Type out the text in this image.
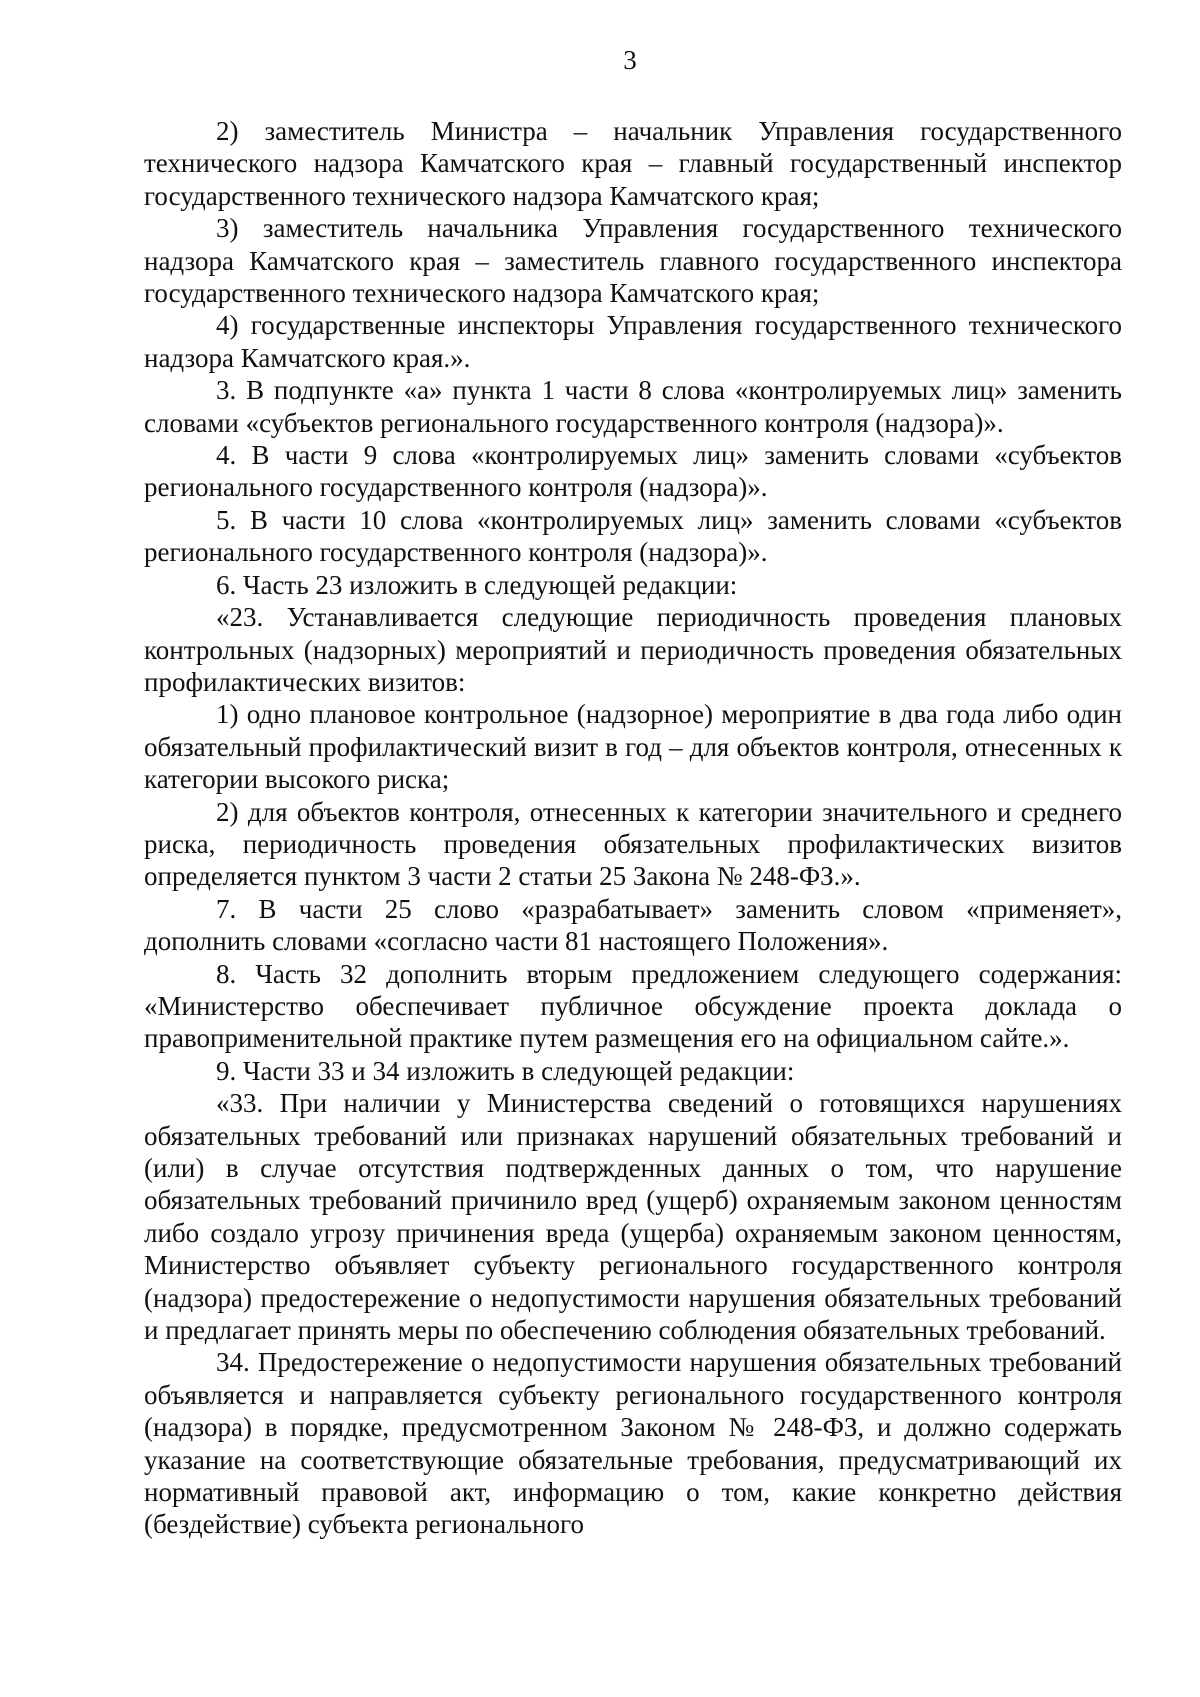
3

2) заместитель Министра – начальник Управления государственного технического надзора Камчатского края – главный государственный инспектор государственного технического надзора Камчатского края;

3) заместитель начальника Управления государственного технического надзора Камчатского края – заместитель главного государственного инспектора государственного технического надзора Камчатского края;

4) государственные инспекторы Управления государственного технического надзора Камчатского края.».

3. В подпункте «а» пункта 1 части 8 слова «контролируемых лиц» заменить словами «субъектов регионального государственного контроля (надзора)».

4. В части 9 слова «контролируемых лиц» заменить словами «субъектов регионального государственного контроля (надзора)».

5. В части 10 слова «контролируемых лиц» заменить словами «субъектов регионального государственного контроля (надзора)».

6. Часть 23 изложить в следующей редакции:

«23. Устанавливается следующие периодичность проведения плановых контрольных (надзорных) мероприятий и периодичность проведения обязательных профилактических визитов:

1) одно плановое контрольное (надзорное) мероприятие в два года либо один обязательный профилактический визит в год – для объектов контроля, отнесенных к категории высокого риска;

2) для объектов контроля, отнесенных к категории значительного и среднего риска, периодичность проведения обязательных профилактических визитов определяется пунктом 3 части 2 статьи 25 Закона № 248-ФЗ.».

7. В части 25 слово «разрабатывает» заменить словом «применяет», дополнить словами «согласно части 81 настоящего Положения».

8. Часть 32 дополнить вторым предложением следующего содержания: «Министерство обеспечивает публичное обсуждение проекта доклада о правоприменительной практике путем размещения его на официальном сайте.».

9. Части 33 и 34 изложить в следующей редакции:

«33. При наличии у Министерства сведений о готовящихся нарушениях обязательных требований или признаках нарушений обязательных требований и (или) в случае отсутствия подтвержденных данных о том, что нарушение обязательных требований причинило вред (ущерб) охраняемым законом ценностям либо создало угрозу причинения вреда (ущерба) охраняемым законом ценностям, Министерство объявляет субъекту регионального государственного контроля (надзора) предостережение о недопустимости нарушения обязательных требований и предлагает принять меры по обеспечению соблюдения обязательных требований.

34. Предостережение о недопустимости нарушения обязательных требований объявляется и направляется субъекту регионального государственного контроля (надзора) в порядке, предусмотренном Законом № 248-ФЗ, и должно содержать указание на соответствующие обязательные требования, предусматривающий их нормативный правовой акт, информацию о том, какие конкретно действия (бездействие) субъекта регионального
